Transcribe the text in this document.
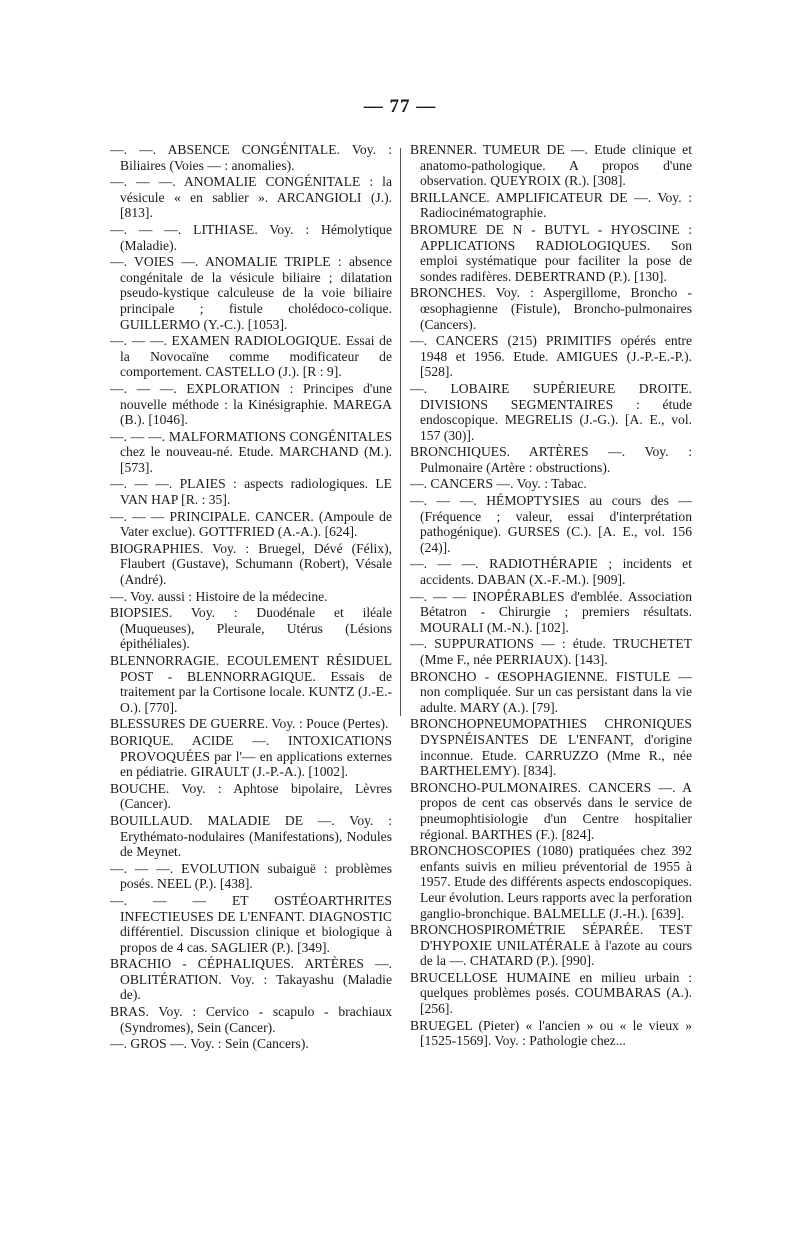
— 77 —

—. —. ABSENCE CONGÉNITALE. Voy. : Biliaires (Voies — : anomalies).

—. — —. ANOMALIE CONGÉNITALE : la vésicule « en sablier ». ARCANGIOLI (J.). [813].

—. — —. LITHIASE. Voy. : Hémolytique (Maladie).

—. VOIES —. ANOMALIE TRIPLE : absence congénitale de la vésicule biliaire ; dilatation pseudo-kystique calculeuse de la voie biliaire principale ; fistule cholédoco-colique. GUILLERMO (Y.-C.). [1053].

—. — —. EXAMEN RADIOLOGIQUE. Essai de la Novocaïne comme modificateur de comportement. CASTELLO (J.). [R : 9].

—. — —. EXPLORATION : Principes d'une nouvelle méthode : la Kinésigraphie. MAREGA (B.). [1046].

—. — —. MALFORMATIONS CONGÉNITALES chez le nouveau-né. Etude. MARCHAND (M.). [573].

—. — —. PLAIES : aspects radiologiques. LE VAN HAP [R. : 35].

—. — — PRINCIPALE. CANCER. (Ampoule de Vater exclue). GOTTFRIED (A.-A.). [624].

BIOGRAPHIES. Voy. : Bruegel, Dévé (Félix), Flaubert (Gustave), Schumann (Robert), Vésale (André).

—. Voy. aussi : Histoire de la médecine.

BIOPSIES. Voy. : Duodénale et iléale (Muqueuses), Pleurale, Utérus (Lésions épithéliales).

BLENNORRAGIE. ECOULEMENT RÉSIDUEL POST - BLENNORRAGIQUE. Essais de traitement par la Cortisone locale. KUNTZ (J.-E.-O.). [770].

BLESSURES DE GUERRE. Voy. : Pouce (Pertes).

BORIQUE. ACIDE —. INTOXICATIONS PROVOQUÉES par l'— en applications externes en pédiatrie. GIRAULT (J.-P.-A.). [1002].

BOUCHE. Voy. : Aphtose bipolaire, Lèvres (Cancer).

BOUILLAUD. MALADIE DE —. Voy. : Erythémato-nodulaires (Manifestations), Nodules de Meynet.

—. — —. EVOLUTION subaiguë : problèmes posés. NEEL (P.). [438].

—. — — ET OSTÉOARTHRITES INFECTIEUSES DE L'ENFANT. DIAGNOSTIC différentiel. Discussion clinique et biologique à propos de 4 cas. SAGLIER (P.). [349].

BRACHIO - CÉPHALIQUES. ARTÈRES —. OBLITÉRATION. Voy. : Takayashu (Maladie de).

BRAS. Voy. : Cervico - scapulo - brachiaux (Syndromes), Sein (Cancer).

—. GROS —. Voy. : Sein (Cancers).

BRENNER. TUMEUR DE —. Etude clinique et anatomo-pathologique. A propos d'une observation. QUEYROIX (R.). [308].

BRILLANCE. AMPLIFICATEUR DE —. Voy. : Radiocinématographie.

BROMURE DE N - BUTYL - HYOSCINE : APPLICATIONS RADIOLOGIQUES. Son emploi systématique pour faciliter la pose de sondes radifères. DEBERTRAND (P.). [130].

BRONCHES. Voy. : Aspergillome, Broncho - œsophagienne (Fistule), Broncho-pulmonaires (Cancers).

—. CANCERS (215) PRIMITIFS opérés entre 1948 et 1956. Etude. AMIGUES (J.-P.-E.-P.). [528].

—. LOBAIRE SUPÉRIEURE DROITE. DIVISIONS SEGMENTAIRES : étude endoscopique. MEGRELIS (J.-G.). [A. E., vol. 157 (30)].

BRONCHIQUES. ARTÈRES —. Voy. : Pulmonaire (Artère : obstructions).

—. CANCERS —. Voy. : Tabac.

—. — —. HÉMOPTYSIES au cours des — (Fréquence ; valeur, essai d'interprétation pathogénique). GURSES (C.). [A. E., vol. 156 (24)].

—. — —. RADIOTHÉRAPIE ; incidents et accidents. DABAN (X.-F.-M.). [909].

—. — — INOPÉRABLES d'emblée. Association Bétatron - Chirurgie ; premiers résultats. MOURALI (M.-N.). [102].

—. SUPPURATIONS — : étude. TRUCHETET (Mme F., née PERRIAUX). [143].

BRONCHO - ŒSOPHAGIENNE. FISTULE — non compliquée. Sur un cas persistant dans la vie adulte. MARY (A.). [79].

BRONCHOPNEUMOPATHIES CHRONIQUES DYSPNÉISANTES DE L'ENFANT, d'origine inconnue. Etude. CARRUZZO (Mme R., née BARTHELEMY). [834].

BRONCHO-PULMONAIRES. CANCERS —. A propos de cent cas observés dans le service de pneumophtisiologie d'un Centre hospitalier régional. BARTHES (F.). [824].

BRONCHOSCOPIES (1080) pratiquées chez 392 enfants suivis en milieu préventorial de 1955 à 1957. Etude des différents aspects endoscopiques. Leur évolution. Leurs rapports avec la perforation ganglio-bronchique. BALMELLE (J.-H.). [639].

BRONCHOSPIROMÉTRIE SÉPARÉE. TEST D'HYPOXIE UNILATÉRALE à l'azote au cours de la —. CHATARD (P.). [990].

BRUCELLOSE HUMAINE en milieu urbain : quelques problèmes posés. COUMBARAS (A.). [256].

BRUEGEL (Pieter) « l'ancien » ou « le vieux » [1525-1569]. Voy. : Pathologie chez...
